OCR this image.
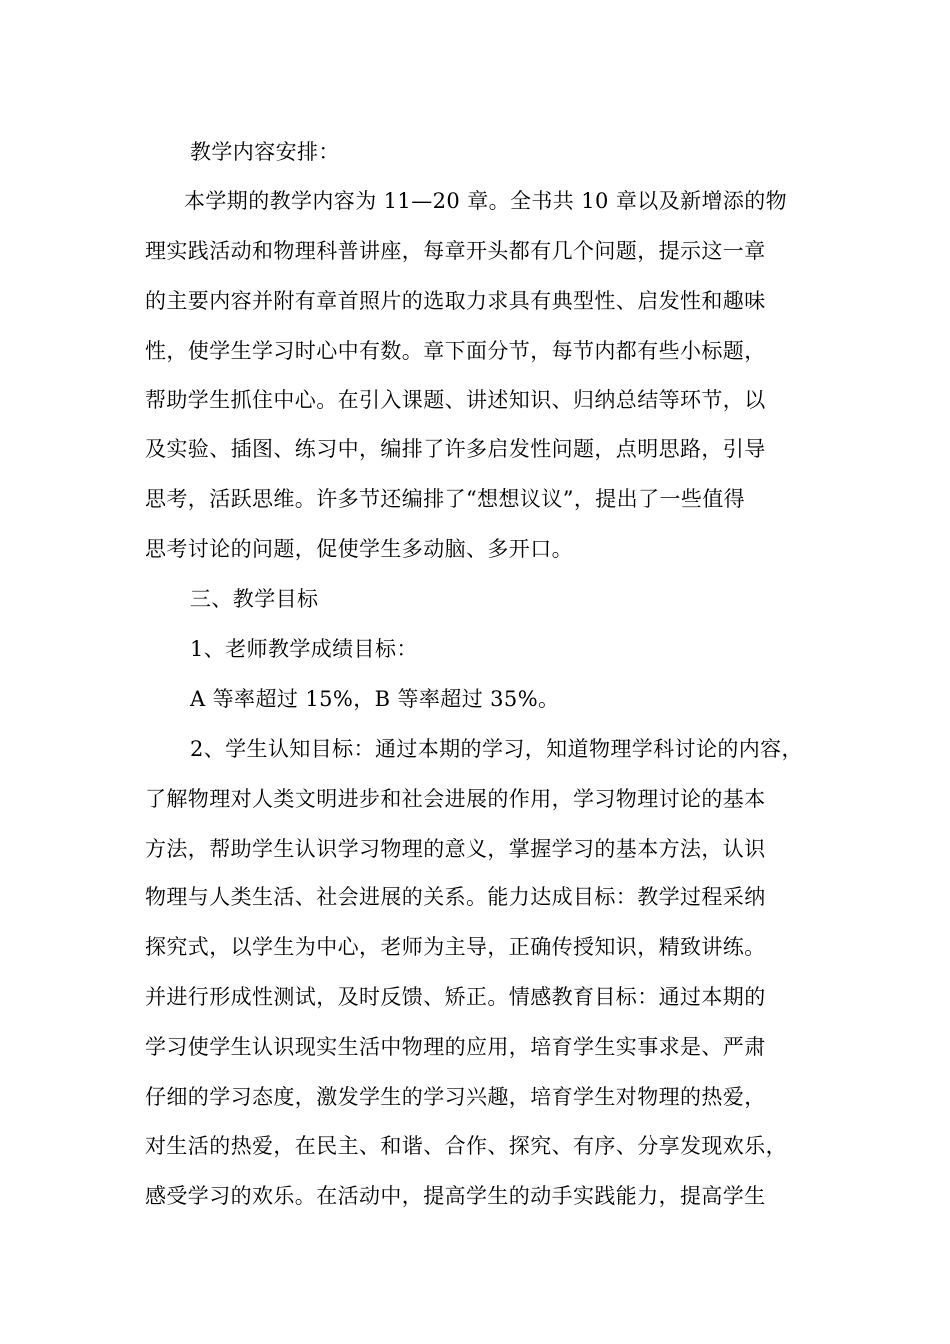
教学内容安排：
本学期的教学内容为 11—20 章。全书共 10 章以及新增添的物
理实践活动和物理科普讲座，每章开头都有几个问题，提示这一章
的主要内容并附有章首照片的选取力求具有典型性、启发性和趣味
性，使学生学习时心中有数。章下面分节，每节内都有些小标题，
帮助学生抓住中心。在引入课题、讲述知识、归纳总结等环节，以
及实验、插图、练习中，编排了许多启发性问题，点明思路，引导
思考，活跃思维。许多节还编排了“想想议议”，提出了一些值得
思考讨论的问题，促使学生多动脑、多开口。
三、教学目标
1、老师教学成绩目标：
A 等率超过 15%，B 等率超过 35%。
2、学生认知目标：通过本期的学习，知道物理学科讨论的内容，
了解物理对人类文明进步和社会进展的作用，学习物理讨论的基本
方法，帮助学生认识学习物理的意义，掌握学习的基本方法，认识
物理与人类生活、社会进展的关系。能力达成目标：教学过程采纳
探究式，以学生为中心，老师为主导，正确传授知识，精致讲练。
并进行形成性测试，及时反馈、矫正。情感教育目标：通过本期的
学习使学生认识现实生活中物理的应用，培育学生实事求是、严肃
仔细的学习态度，激发学生的学习兴趣，培育学生对物理的热爱，
对生活的热爱，在民主、和谐、合作、探究、有序、分享发现欢乐，
感受学习的欢乐。在活动中，提高学生的动手实践能力，提高学生
